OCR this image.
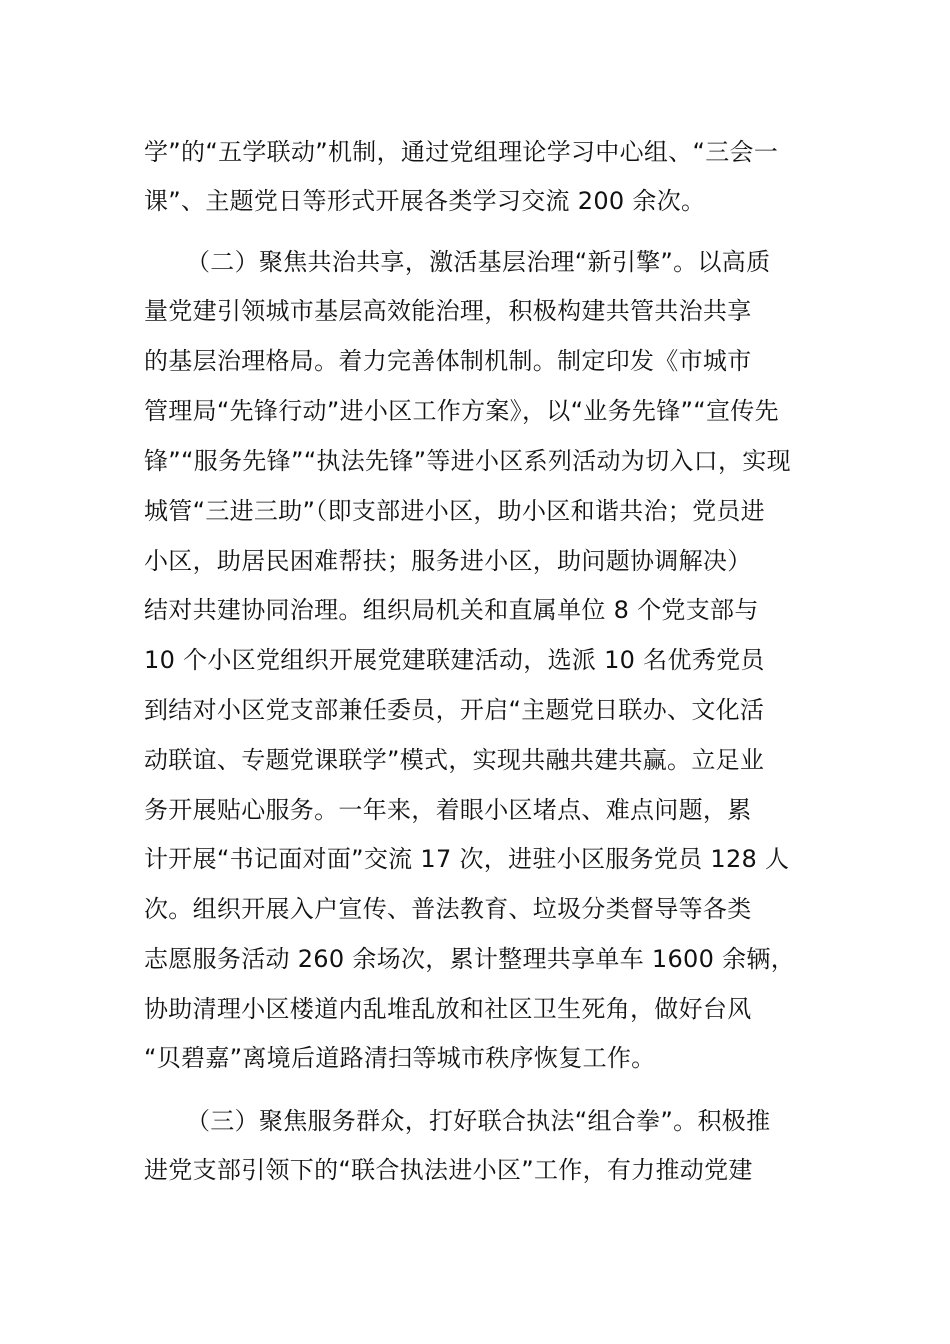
学”的“五学联动”机制，通过党组理论学习中心组、“三会一
课”、主题党日等形式开展各类学习交流 200 余次。
（二）聚焦共治共享，激活基层治理“新引擎”。以高质
量党建引领城市基层高效能治理，积极构建共管共治共享
的基层治理格局。着力完善体制机制。制定印发《市城市
管理局“先锋行动”进小区工作方案》，以“业务先锋”“宣传先
锋”“服务先锋”“执法先锋”等进小区系列活动为切入口，实现
城管“三进三助”（即支部进小区，助小区和谐共治；党员进
小区，助居民困难帮扶；服务进小区，助问题协调解决）
结对共建协同治理。组织局机关和直属单位 8 个党支部与
10 个小区党组织开展党建联建活动，选派 10 名优秀党员
到结对小区党支部兼任委员，开启“主题党日联办、文化活
动联谊、专题党课联学”模式，实现共融共建共赢。立足业
务开展贴心服务。一年来，着眼小区堵点、难点问题，累
计开展“书记面对面”交流 17 次，进驻小区服务党员 128 人
次。组织开展入户宣传、普法教育、垃圾分类督导等各类
志愿服务活动 260 余场次，累计整理共享单车 1600 余辆，
协助清理小区楼道内乱堆乱放和社区卫生死角，做好台风
“贝碧嘉”离境后道路清扫等城市秩序恢复工作。
（三）聚焦服务群众，打好联合执法“组合拳”。积极推
进党支部引领下的“联合执法进小区”工作，有力推动党建
